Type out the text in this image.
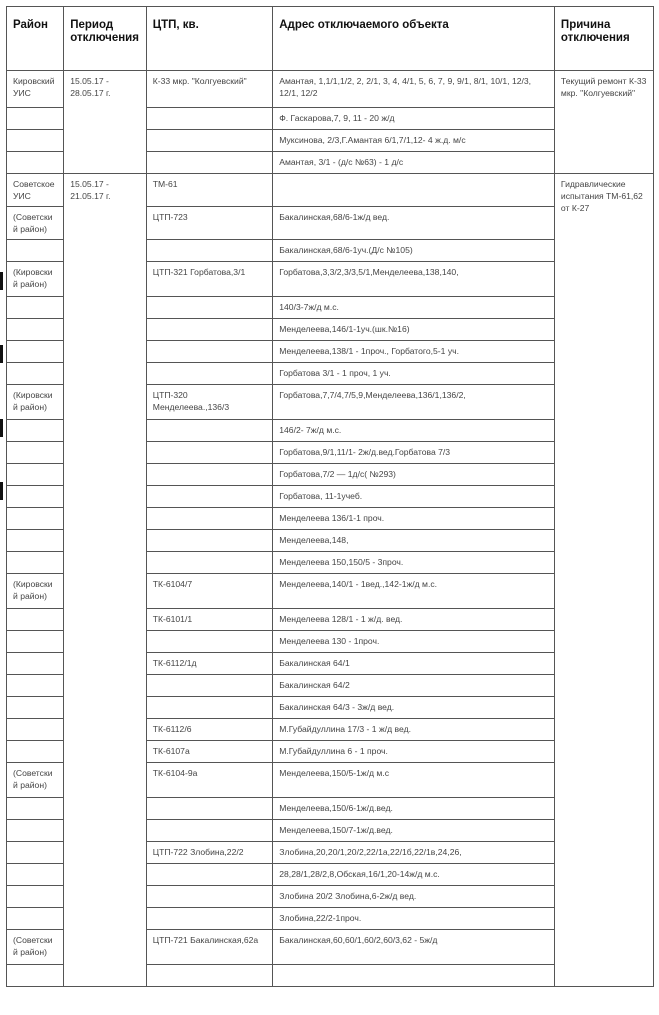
Район	Период отключения	ЦТП, кв.	Адрес отключаемого объекта	Причина отключения
Кировский УИС	15.05.17 - 28.05.17 г.	К-33 мкр. "Колгуевский"	Амантая, 1,1/1,1/2, 2, 2/1, 3, 4, 4/1, 5, 6, 7, 9, 9/1, 8/1, 10/1, 12/3, 12/1, 12/2	Текущий ремонт К-33 мкр. "Колгуевский"
			Ф. Гаскарова,7, 9, 11 - 20 ж/д	
			Муксинова, 2/3,Г.Амантая 6/1,7/1,12- 4 ж.д. м/с	
			Амантая, 3/1 - (д/с №63) - 1 д/с	
Советское УИС	15.05.17 - 21.05.17 г.	ТМ-61		Гидравлические испытания ТМ-61,62 от К-27
(Советский район)		ЦТП-723	Бакалинская,68/6-1ж/д вед.	
			Бакалинская,68/6-1уч.(Д/с №105)	
(Кировский район)		ЦТП-321 Горбатова,3/1	Горбатова,3,3/2,3/3,5/1,Менделеева,138,140,	
			140/3-7ж/д м.с.	
			Менделеева,146/1-1уч.(шк.№16)	
			Менделеева,138/1 - 1проч., Горбатого,5-1 уч.	
			Горбатова 3/1 - 1 проч, 1 уч.	
(Кировский район)		ЦТП-320 Менделеева.,136/3	Горбатова,7,7/4,7/5,9,Менделеева,136/1,136/2,	
			146/2- 7ж/д м.с.	
			Горбатова,9/1,11/1- 2ж/д.вед.Горбатова 7/3	
			Горбатова,7/2 — 1д/с( №293)	
			Горбатова, 11-1учеб.	
			Менделеева 136/1-1 проч.	
			Менделеева,148,	
			Менделеева 150,150/5 - 3проч.	
(Кировский район)		ТК-6104/7	Менделеева,140/1 - 1вед.,142-1ж/д м.с.	
		ТК-6101/1	Менделеева 128/1 - 1 ж/д. вед.	
			Менделеева 130 - 1проч.	
		ТК-6112/1д	Бакалинская 64/1	
			Бакалинская 64/2	
			Бакалинская 64/3 - 3ж/д вед.	
		ТК-6112/6	М.Губайдуллина 17/3 - 1 ж/д вед.	
		ТК-6107а	М.Губайдуллина 6 - 1 проч.	
(Советский район)		ТК-6104-9а	Менделеева,150/5-1ж/д м.с	
			Менделеева,150/6-1ж/д.вед.	
			Менделеева,150/7-1ж/д.вед.	
		ЦТП-722 Злобина,22/2	Злобина,20,20/1,20/2,22/1а,22/1б,22/1в,24,26,	
			28,28/1,28/2,8,Обская,16/1,20-14ж/д м.с.	
			Злобина 20/2 Злобина,6-2ж/д вед.	
			Злобина,22/2-1проч.	
(Советский район)		ЦТП-721 Бакалинская,62а	Бакалинская,60,60/1,60/2,60/3,62 - 5ж/д	
